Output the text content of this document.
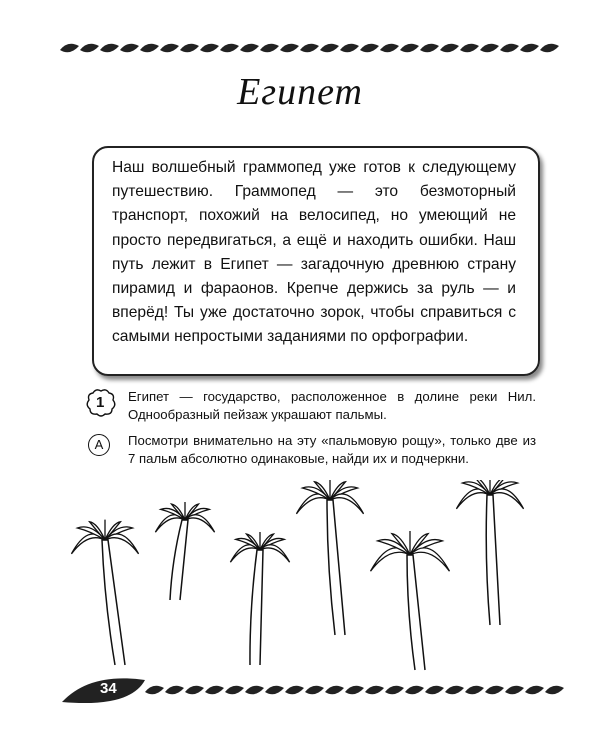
Египет

Наш волшебный граммопед уже готов к следующему путешествию. Граммопед — это безмоторный транспорт, похожий на велосипед, но умеющий не просто передвигаться, а ещё и находить ошибки. Наш путь лежит в Египет — загадочную древнюю страну пирамид и фараонов. Крепче держись за руль — и вперёд! Ты уже достаточно зорок, чтобы справиться с самыми непростыми заданиями по орфографии.

1 Египет — государство, расположенное в долине реки Нил. Однообразный пейзаж украшают пальмы.
А	Посмотри внимательно на эту «пальмовую рощу», только две из 7 пальм абсолютно одинаковые, найди их и подчеркни.
34
